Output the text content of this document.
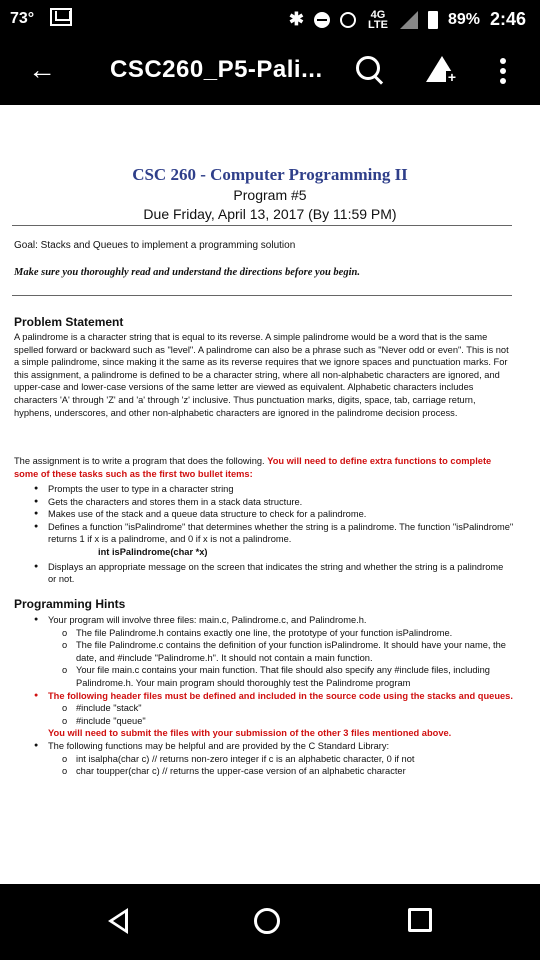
73°	✱	4G LTE	89% 2:46
← CSC260_P5-Pali...	+
CSC 260 - Computer Programming II
Program #5
Due Friday, April 13, 2017 (By 11:59 PM)
Goal: Stacks and Queues to implement a programming solution
Make sure you thoroughly read and understand the directions before you begin.
Problem Statement
A palindrome is a character string that is equal to its reverse. A simple palindrome would be a word that is the same spelled forward or backward such as "level". A palindrome can also be a phrase such as "Never odd or even". This is not a simple palindrome, since making it the same as its reverse requires that we ignore spaces and punctuation marks. For this assignment, a palindrome is defined to be a character string, where all non-alphabetic characters are ignored, and upper-case and lower-case versions of the same letter are viewed as equivalent. Alphabetic characters includes characters 'A' through 'Z' and 'a' through 'z' inclusive. Thus punctuation marks, digits, space, tab, carriage return, hyphens, underscores, and other non-alphabetic characters are ignored in the palindrome decision process.
The assignment is to write a program that does the following. You will need to define extra functions to complete some of these tasks such as the first two bullet items:
● Prompts the user to type in a character string
● Gets the characters and stores them in a stack data structure.
● Makes use of the stack and a queue data structure to check for a palindrome.
● Defines a function "isPalindrome" that determines whether the string is a palindrome. The function "isPalindrome" returns 1 if x is a palindrome, and 0 if x is not a palindrome.
int isPalindrome(char *x)
● Displays an appropriate message on the screen that indicates the string and whether the string is a palindrome or not.
Programming Hints
● Your program will involve three files: main.c, Palindrome.c, and Palindrome.h.
o The file Palindrome.h contains exactly one line, the prototype of your function isPalindrome.
o The file Palindrome.c contains the definition of your function isPalindrome. It should have your name, the date, and #include "Palindrome.h". It should not contain a main function.
o Your file main.c contains your main function. That file should also specify any #include files, including Palindrome.h. Your main program should thoroughly test the Palindrome program
● The following header files must be defined and included in the source code using the stacks and queues.
o #include "stack"
o #include "queue"
You will need to submit the files with your submission of the other 3 files mentioned above.
● The following functions may be helpful and are provided by the C Standard Library:
o int isalpha(char c) // returns non-zero integer if c is an alphabetic character, 0 if not
o char toupper(char c) // returns the upper-case version of an alphabetic character
